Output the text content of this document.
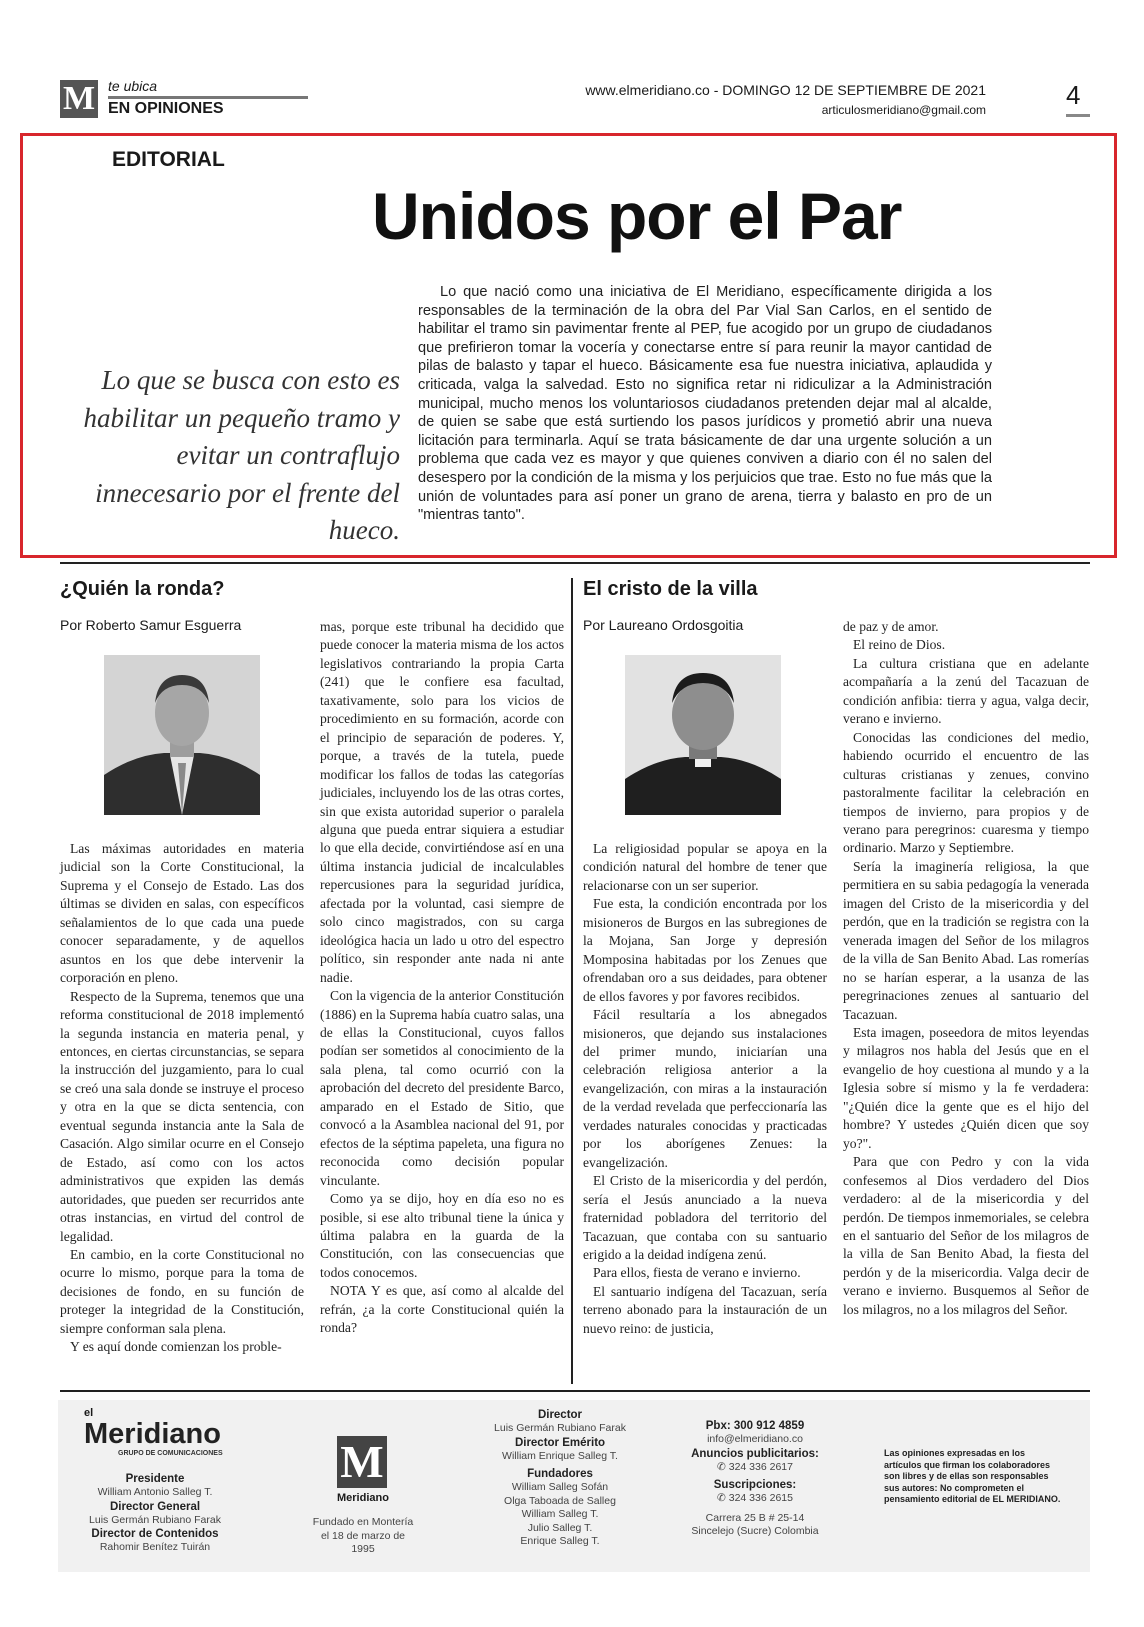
M te ubica
EN OPINIONES
www.elmeridiano.co - DOMINGO 12 DE SEPTIEMBRE DE 2021
articulosmeridiano@gmail.com	4
EDITORIAL
Unidos por el Par
Lo que se busca con esto es habilitar un pequeño tramo y evitar un contraflujo innecesario por el frente del hueco.
Lo que nació como una iniciativa de El Meridiano, específicamente dirigida a los responsables de la terminación de la obra del Par Vial San Carlos, en el sentido de habilitar el tramo sin pavimentar frente al PEP, fue acogido por un grupo de ciudadanos que prefirieron tomar la vocería y conectarse entre sí para reunir la mayor cantidad de pilas de balasto y tapar el hueco. Básicamente esa fue nuestra iniciativa, aplaudida y criticada, valga la salvedad. Esto no significa retar ni ridiculizar a la Administración municipal, mucho menos los voluntariosos ciudadanos pretenden dejar mal al alcalde, de quien se sabe que está surtiendo los pasos jurídicos y prometió abrir una nueva licitación para terminarla. Aquí se trata básicamente de dar una urgente solución a un problema que cada vez es mayor y que quienes conviven a diario con él no salen del desespero por la condición de la misma y los perjuicios que trae. Esto no fue más que la unión de voluntades para así poner un grano de arena, tierra y balasto en pro de un "mientras tanto".
¿Quién la ronda?
Por Roberto Samur Esguerra

Las máximas autoridades en materia judicial son la Corte Constitucional, la Suprema y el Consejo de Estado. Las dos últimas se dividen en salas, con específicos señalamientos de lo que cada una puede conocer separadamente, y de aquellos asuntos en los que debe intervenir la corporación en pleno.

Respecto de la Suprema, tenemos que una reforma constitucional de 2018 implementó la segunda instancia en materia penal, y entonces, en ciertas circunstancias, se separa la instrucción del juzgamiento, para lo cual se creó una sala donde se instruye el proceso y otra en la que se dicta sentencia, con eventual segunda instancia ante la Sala de Casación. Algo similar ocurre en el Consejo de Estado, así como con los actos administrativos que expiden las demás autoridades, que pueden ser recurridos ante otras instancias, en virtud del control de legalidad.

En cambio, en la corte Constitucional no ocurre lo mismo, porque para la toma de decisiones de fondo, en su función de proteger la integridad de la Constitución, siempre conforman sala plena.

Y es aquí donde comienzan los proble-

mas, porque este tribunal ha decidido que puede conocer la materia misma de los actos legislativos contrariando la propia Carta (241) que le confiere esa facultad, taxativamente, solo para los vicios de procedimiento en su formación, acorde con el principio de separación de poderes. Y, porque, a través de la tutela, puede modificar los fallos de todas las categorías judiciales, incluyendo los de las otras cortes, sin que exista autoridad superior o paralela alguna que pueda entrar siquiera a estudiar lo que ella decide, convirtiéndose así en una última instancia judicial de incalculables repercusiones para la seguridad jurídica, afectada por la voluntad, casi siempre de solo cinco magistrados, con su carga ideológica hacia un lado u otro del espectro político, sin responder ante nada ni ante nadie.

Con la vigencia de la anterior Constitución (1886) en la Suprema había cuatro salas, una de ellas la Constitucional, cuyos fallos podían ser sometidos al conocimiento de la sala plena, tal como ocurrió con la aprobación del decreto del presidente Barco, amparado en el Estado de Sitio, que convocó a la Asamblea nacional del 91, por efectos de la séptima papeleta, una figura no reconocida como decisión popular vinculante.

Como ya se dijo, hoy en día eso no es posible, si ese alto tribunal tiene la única y última palabra en la guarda de la Constitución, con las consecuencias que todos conocemos.

NOTA Y es que, así como al alcalde del refrán, ¿a la corte Constitucional quién la ronda?

El cristo de la villa
Por Laureano Ordosgoitia

La religiosidad popular se apoya en la condición natural del hombre de tener que relacionarse con un ser superior.

Fue esta, la condición encontrada por los misioneros de Burgos en las subregiones de la Mojana, San Jorge y depresión Momposina habitadas por los Zenues que ofrendaban oro a sus deidades, para obtener de ellos favores y por favores recibidos.

Fácil resultaría a los abnegados misioneros, que dejando sus instalaciones del primer mundo, iniciarían una celebración religiosa anterior a la evangelización, con miras a la instauración de la verdad revelada que perfeccionaría las verdades naturales conocidas y practicadas por los aborígenes Zenues: la evangelización.

El Cristo de la misericordia y del perdón, sería el Jesús anunciado a la nueva fraternidad pobladora del territorio del Tacazuan, que contaba con su santuario erigido a la deidad indígena zenú.

Para ellos, fiesta de verano e invierno.

El santuario indígena del Tacazuan, sería terreno abonado para la instauración de un nuevo reino: de justicia,

de paz y de amor.

El reino de Dios.

La cultura cristiana que en adelante acompañaría a la zenú del Tacazuan de condición anfibia: tierra y agua, valga decir, verano e invierno.

Conocidas las condiciones del medio, habiendo ocurrido el encuentro de las culturas cristianas y zenues, convino pastoralmente facilitar la celebración en tiempos de invierno, para propios y de verano para peregrinos: cuaresma y tiempo ordinario. Marzo y Septiembre.

Sería la imaginería religiosa, la que permitiera en su sabia pedagogía la venerada imagen del Cristo de la misericordia y del perdón, que en la tradición se registra con la venerada imagen del Señor de los milagros de la villa de San Benito Abad. Las romerías no se harían esperar, a la usanza de las peregrinaciones zenues al santuario del Tacazuan.

Esta imagen, poseedora de mitos leyendas y milagros nos habla del Jesús que en el evangelio de hoy cuestiona al mundo y a la Iglesia sobre sí mismo y la fe verdadera: "¿Quién dice la gente que es el hijo del hombre? Y ustedes ¿Quién dicen que soy yo?".

Para que con Pedro y con la vida confesemos al Dios verdadero del Dios verdadero: al de la misericordia y del perdón. De tiempos inmemoriales, se celebra en el santuario del Señor de los milagros de la villa de San Benito Abad, la fiesta del perdón y de la misericordia. Valga decir de verano e invierno. Busquemos al Señor de los milagros, no a los milagros del Señor.

el
Meridiano
GRUPO DE COMUNICACIONES
Presidente
William Antonio Salleg T.
Director General
Luis Germán Rubiano Farak
Director de Contenidos
Rahomir Benítez Tuirán
M
Meridiano
Fundado en Montería el 18 de marzo de 1995
Director
Luis Germán Rubiano Farak
Director Emérito
William Enrique Salleg T.
Fundadores
William Salleg Sofán
Olga Taboada de Salleg
William Salleg T.
Julio Salleg T.
Enrique Salleg T.
Pbx: 300 912 4859
info@elmeridiano.co
Anuncios publicitarios:
✆ 324 336 2617
Suscripciones:
✆ 324 336 2615
Carrera 25 B # 25-14
Sincelejo (Sucre) Colombia
Las opiniones expresadas en los artículos que firman los colaboradores son libres y de ellas son responsables sus autores: No comprometen el pensamiento editorial de EL MERIDIANO.
